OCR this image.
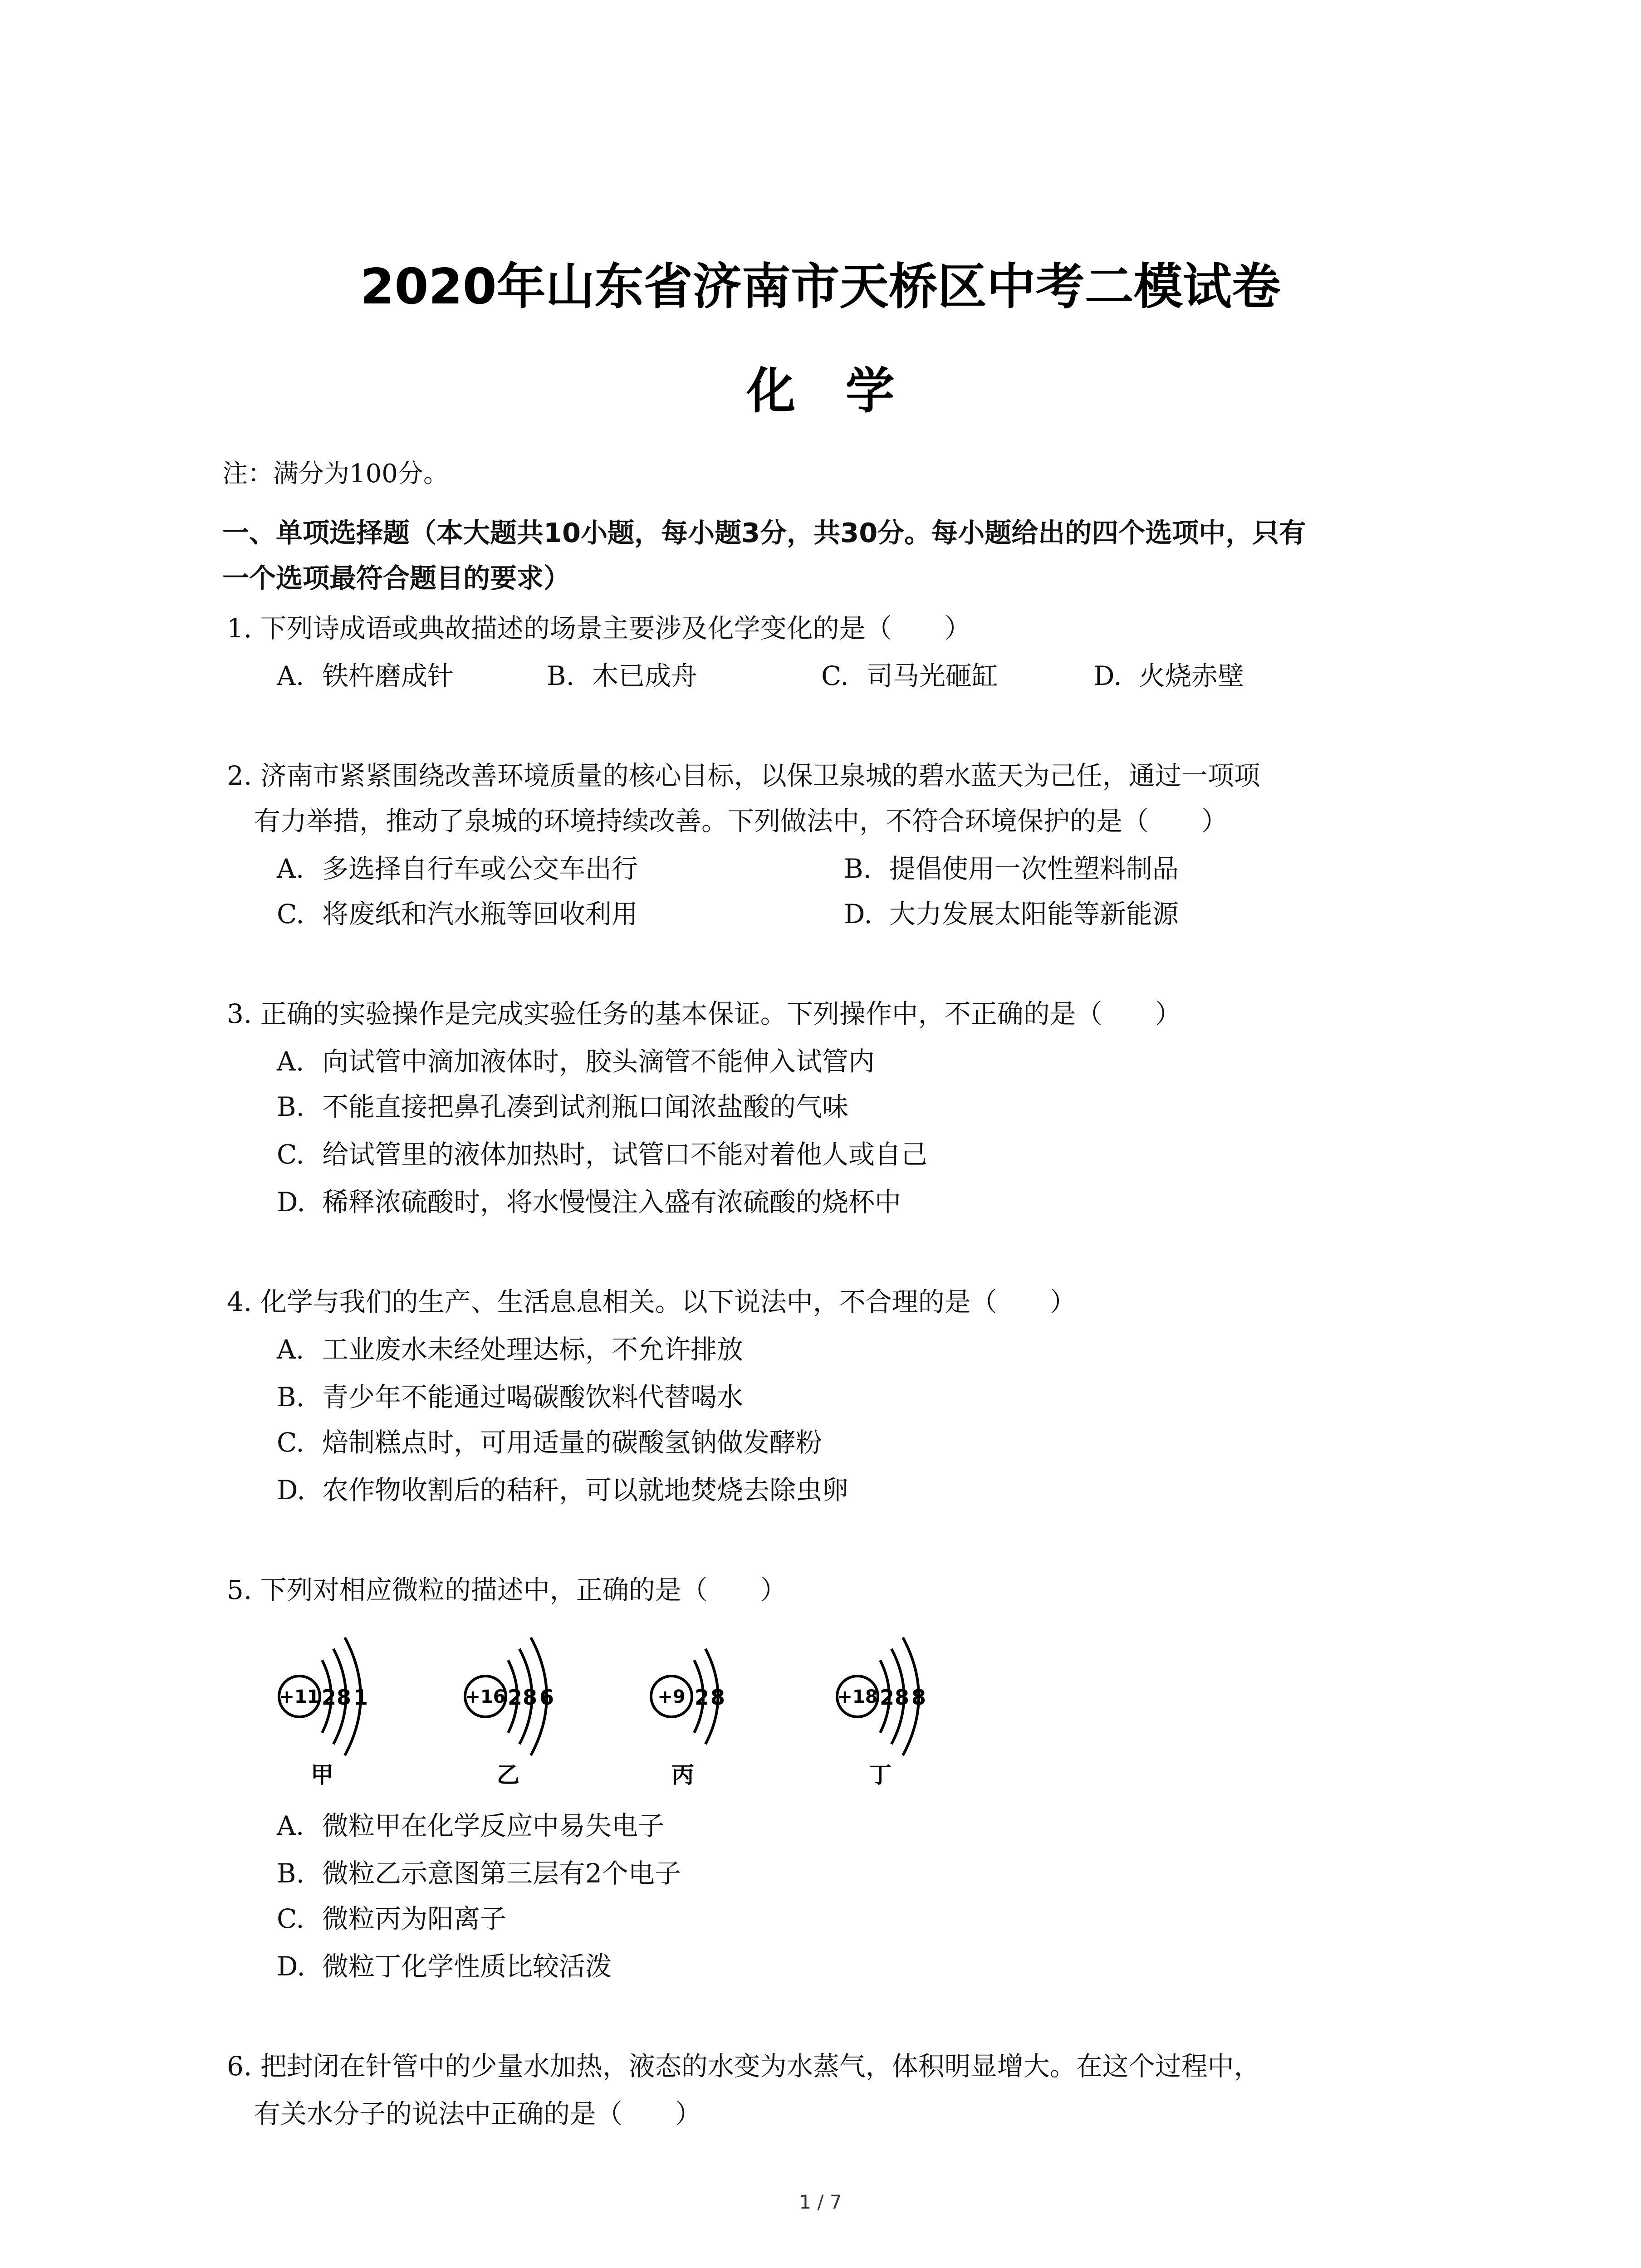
2020年山东省济南市天桥区中考二模试卷
化学
注：满分为100分。
一、单项选择题（本大题共10小题，每小题3分，共30分。每小题给出的四个选项中，只有
一个选项最符合题目的要求）
1. 下列诗成语或典故描述的场景主要涉及化学变化的是（　　）
A. 铁杵磨成针	B. 木已成舟	C. 司马光砸缸	D. 火烧赤壁
2. 济南市紧紧围绕改善环境质量的核心目标，以保卫泉城的碧水蓝天为己任，通过一项项
有力举措，推动了泉城的环境持续改善。下列做法中，不符合环境保护的是（　　）
A. 多选择自行车或公交车出行	B. 提倡使用一次性塑料制品
C. 将废纸和汽水瓶等回收利用	D. 大力发展太阳能等新能源
3. 正确的实验操作是完成实验任务的基本保证。下列操作中，不正确的是（　　）
A. 向试管中滴加液体时，胶头滴管不能伸入试管内
B. 不能直接把鼻孔凑到试剂瓶口闻浓盐酸的气味
C. 给试管里的液体加热时，试管口不能对着他人或自己
D. 稀释浓硫酸时，将水慢慢注入盛有浓硫酸的烧杯中
4. 化学与我们的生产、生活息息相关。以下说法中，不合理的是（　　）
A. 工业废水未经处理达标，不允许排放
B. 青少年不能通过喝碳酸饮料代替喝水
C. 焙制糕点时，可用适量的碳酸氢钠做发酵粉
D. 农作物收割后的秸秆，可以就地焚烧去除虫卵
5. 下列对相应微粒的描述中，正确的是（　　）
+11 2 8 1
甲
+16 2 8 6
乙
+9 2 8
丙
+18 2 8 8
丁
A. 微粒甲在化学反应中易失电子
B. 微粒乙示意图第三层有2个电子
C. 微粒丙为阳离子
D. 微粒丁化学性质比较活泼
6. 把封闭在针管中的少量水加热，液态的水变为水蒸气，体积明显增大。在这个过程中，
有关水分子的说法中正确的是（　　）
1 / 7
